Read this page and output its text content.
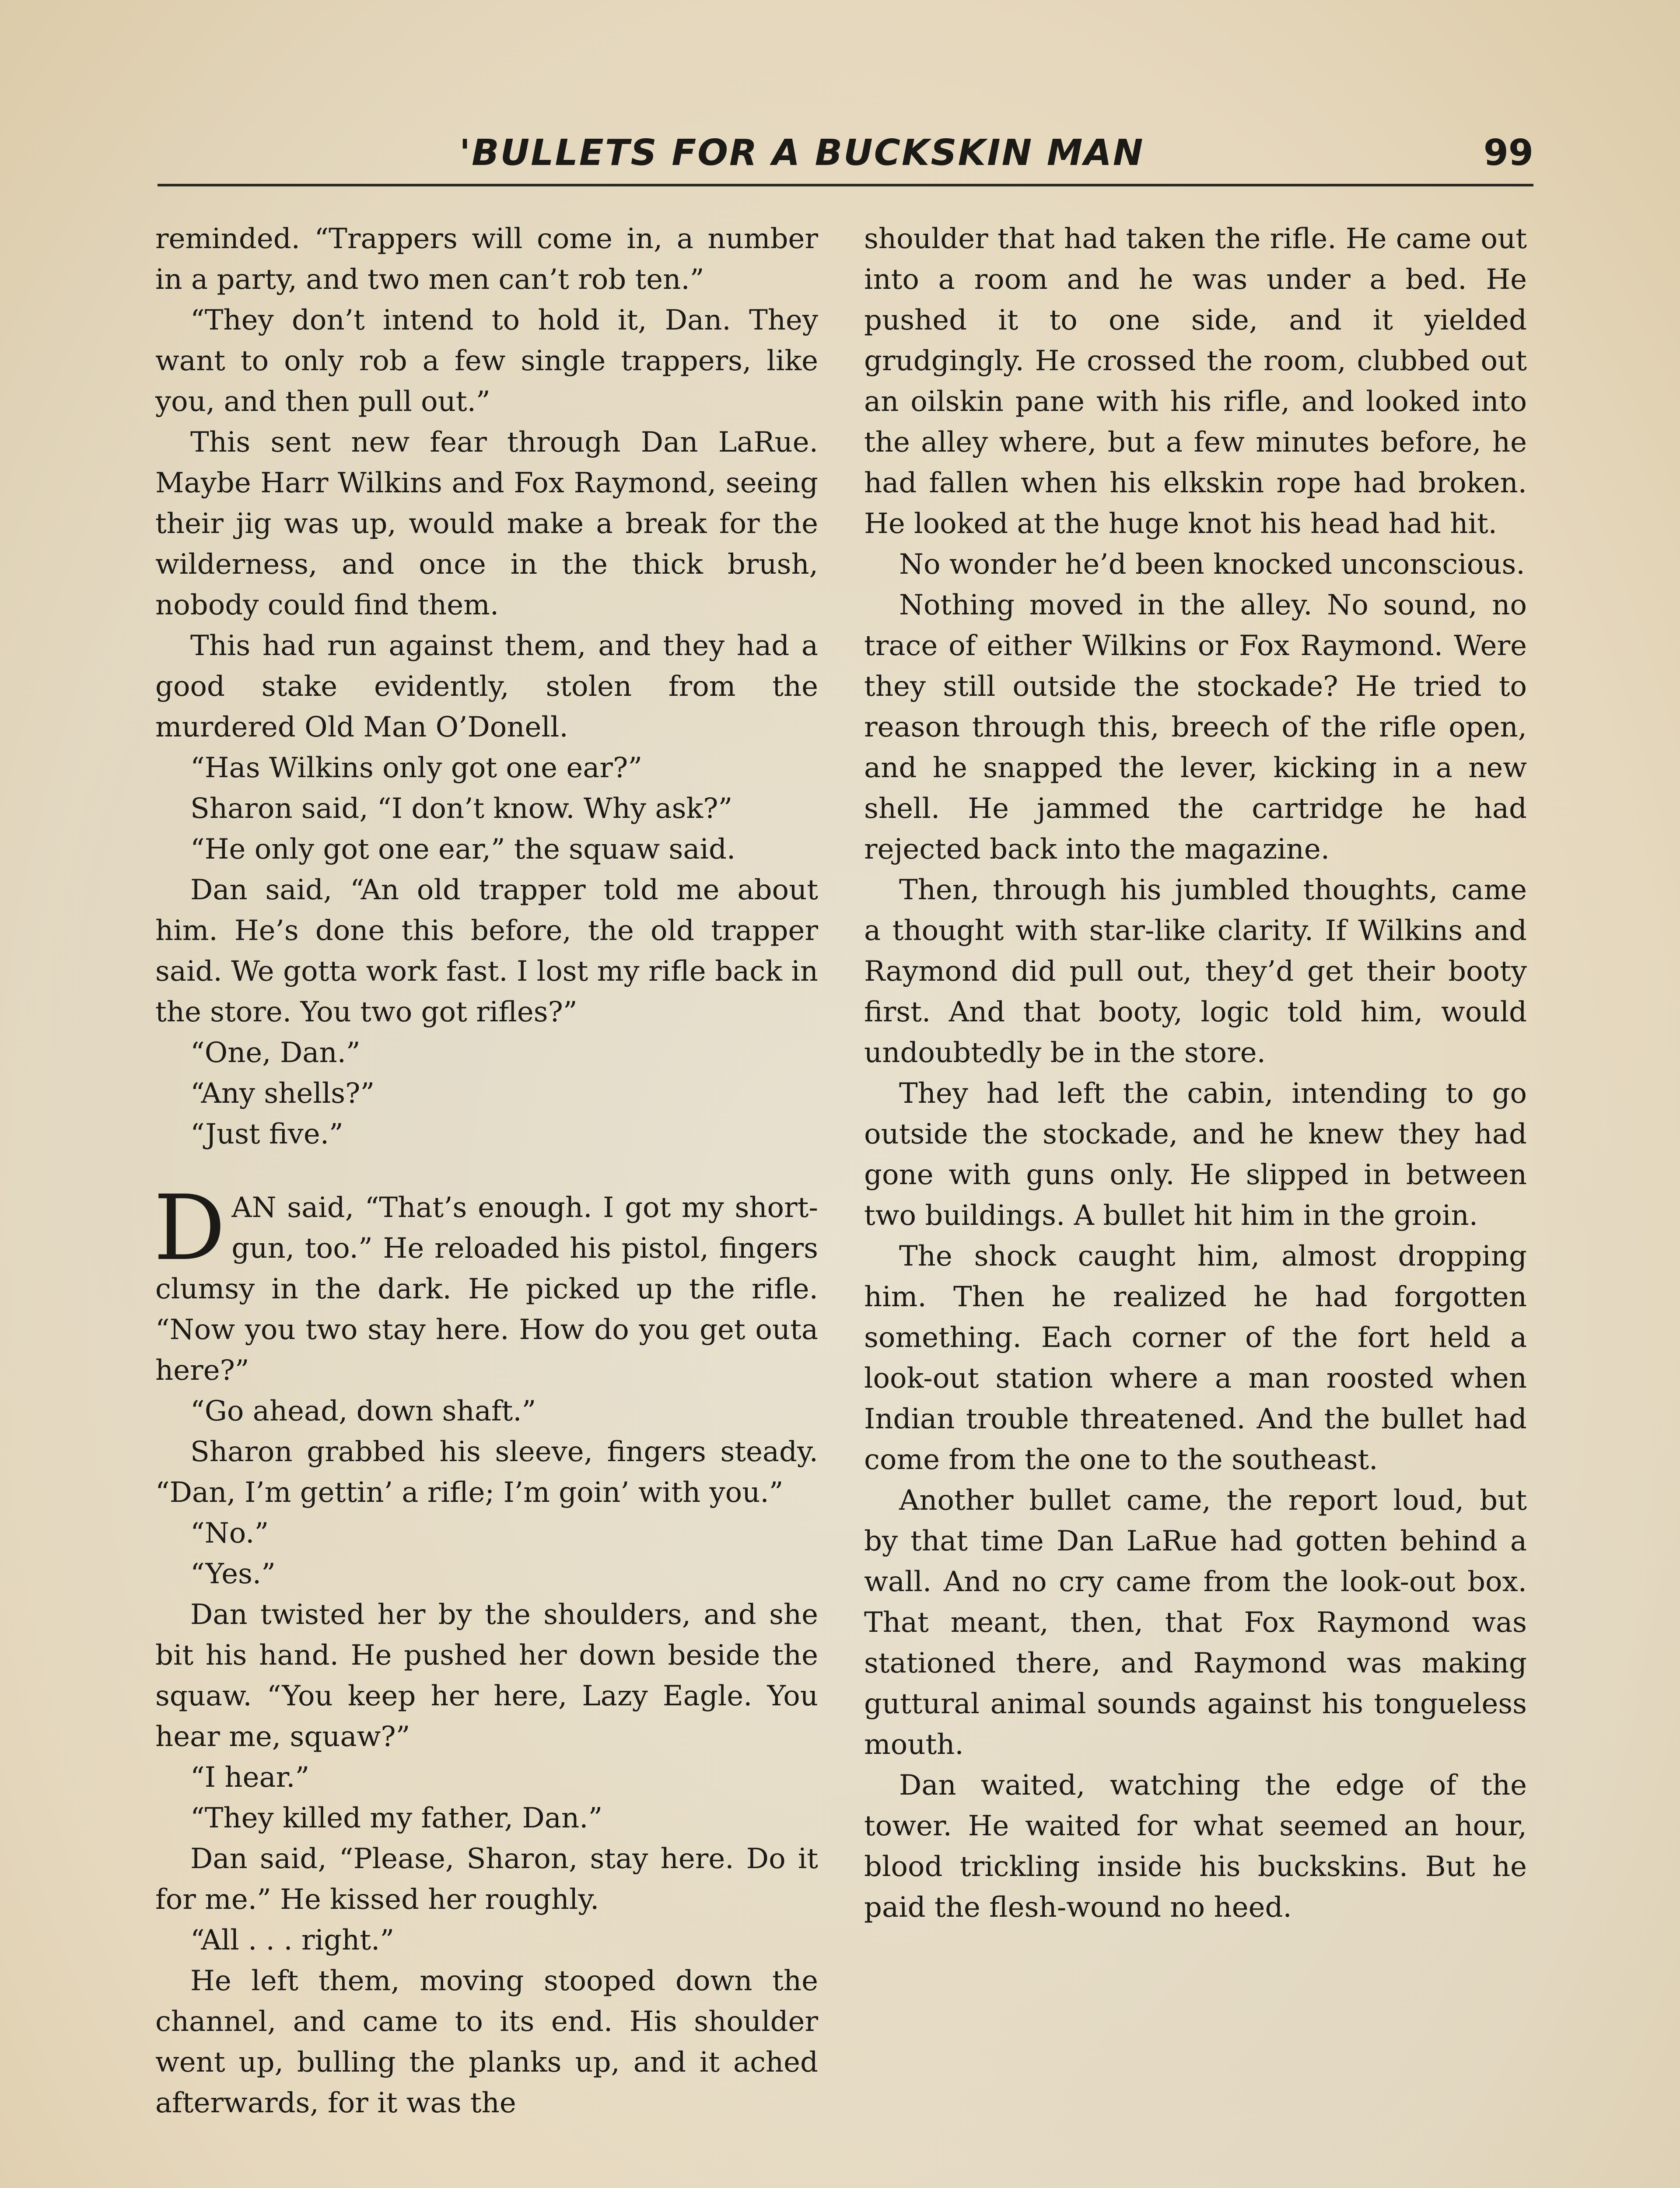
'BULLETS FOR A BUCKSKIN MAN	99

reminded. “Trappers will come in, a number in a party, and two men can’t rob ten.”

“They don’t intend to hold it, Dan. They want to only rob a few single trappers, like you, and then pull out.”

This sent new fear through Dan LaRue. Maybe Harr Wilkins and Fox Raymond, seeing their jig was up, would make a break for the wilderness, and once in the thick brush, nobody could find them.

This had run against them, and they had a good stake evidently, stolen from the murdered Old Man O’Donell.

“Has Wilkins only got one ear?”

Sharon said, “I don’t know. Why ask?”

“He only got one ear,” the squaw said.

Dan said, “An old trapper told me about him. He’s done this before, the old trapper said. We gotta work fast. I lost my rifle back in the store. You two got rifles?”

“One, Dan.”

“Any shells?”

“Just five.”

DAN said, “That’s enough. I got my short-gun, too.” He reloaded his pistol, fingers clumsy in the dark. He picked up the rifle. “Now you two stay here. How do you get outa here?”

“Go ahead, down shaft.”

Sharon grabbed his sleeve, fingers steady. “Dan, I’m gettin’ a rifle; I’m goin’ with you.”

“No.”

“Yes.”

Dan twisted her by the shoulders, and she bit his hand. He pushed her down beside the squaw. “You keep her here, Lazy Eagle. You hear me, squaw?”

“I hear.”

“They killed my father, Dan.”

Dan said, “Please, Sharon, stay here. Do it for me.” He kissed her roughly.

“All . . . right.”

He left them, moving stooped down the channel, and came to its end. His shoulder went up, bulling the planks up, and it ached afterwards, for it was the

shoulder that had taken the rifle. He came out into a room and he was under a bed. He pushed it to one side, and it yielded grudgingly. He crossed the room, clubbed out an oilskin pane with his rifle, and looked into the alley where, but a few minutes before, he had fallen when his elkskin rope had broken. He looked at the huge knot his head had hit.

No wonder he’d been knocked unconscious.

Nothing moved in the alley. No sound, no trace of either Wilkins or Fox Raymond. Were they still outside the stockade? He tried to reason through this, breech of the rifle open, and he snapped the lever, kicking in a new shell. He jammed the cartridge he had rejected back into the magazine.

Then, through his jumbled thoughts, came a thought with star-like clarity. If Wilkins and Raymond did pull out, they’d get their booty first. And that booty, logic told him, would undoubtedly be in the store.

They had left the cabin, intending to go outside the stockade, and he knew they had gone with guns only. He slipped in between two buildings. A bullet hit him in the groin.

The shock caught him, almost dropping him. Then he realized he had forgotten something. Each corner of the fort held a look-out station where a man roosted when Indian trouble threatened. And the bullet had come from the one to the southeast.

Another bullet came, the report loud, but by that time Dan LaRue had gotten behind a wall. And no cry came from the look-out box. That meant, then, that Fox Raymond was stationed there, and Raymond was making guttural animal sounds against his tongueless mouth.

Dan waited, watching the edge of the tower. He waited for what seemed an hour, blood trickling inside his buckskins. But he paid the flesh-wound no heed.
